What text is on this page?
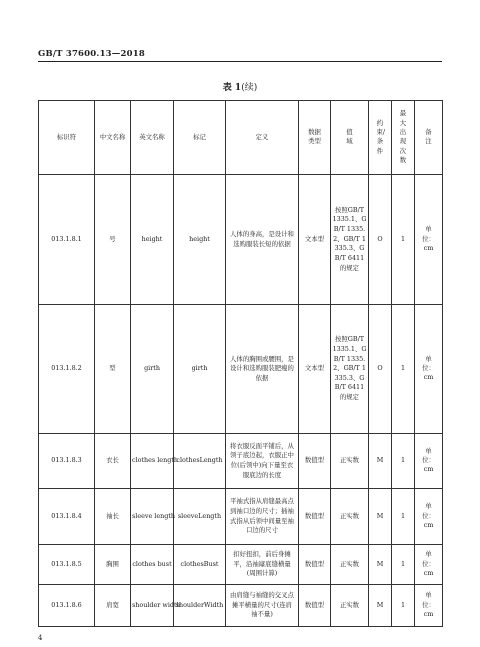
GB/T 37600.13—2018
表 1(续)
标识符	中文名称	英文名称	标记	定义	数据类型	值域	约束/条件	最大出现次数	备注
013.1.8.1	号	height	height	人体的身高，是设计和选购服装长短的依据	文本型	按照GB/T 1335.1、GB/T 1335.2、GB/T 1335.3、GB/T 6411的规定	O	1	单位：cm
013.1.8.2	型	girth	girth	人体的胸围或腰围，是设计和选购服装肥瘦的依据	文本型	按照GB/T 1335.1、GB/T 1335.2、GB/T 1335.3、GB/T 6411的规定	O	1	单位：cm
013.1.8.3	衣长	clothes length	clothesLength	将衣服反面平铺后，从领子底边起，衣服正中位(后领中)向下量至衣服底边的长度	数值型	正实数	M	1	单位：cm
013.1.8.4	袖长	sleeve length	sleeveLength	平袖式指从肩缝最高点到袖口边的尺寸；插袖式指从后领中间量至袖口边的尺寸	数值型	正实数	M	1	单位：cm
013.1.8.5	胸围	clothes bust	clothesBust	扣好扭扣，前后身摊平，沿袖窿底缝横量(周围计算)	数值型	正实数	M	1	单位：cm
013.1.8.6	肩宽	shoulder width	shoulderWidth	由肩缝与袖缝的交叉点摊平横量的尺寸(连肩袖不量)	数值型	正实数	M	1	单位：cm
4
